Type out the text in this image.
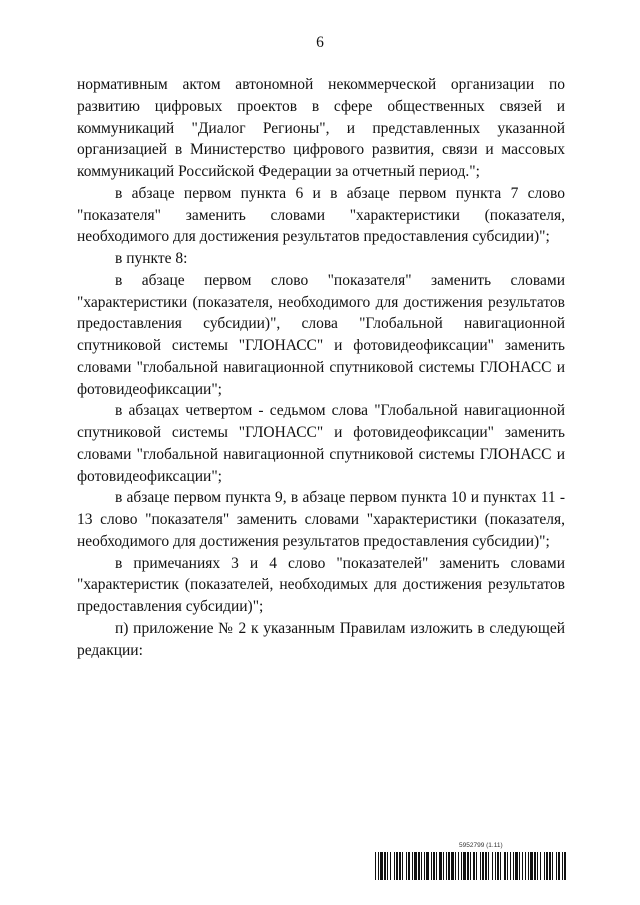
6

нормативным актом автономной некоммерческой организации по развитию цифровых проектов в сфере общественных связей и коммуникаций "Диалог Регионы", и представленных указанной организацией в Министерство цифрового развития, связи и массовых коммуникаций Российской Федерации за отчетный период.";

в абзаце первом пункта 6 и в абзаце первом пункта 7 слово "показателя" заменить словами "характеристики (показателя, необходимого для достижения результатов предоставления субсидии)";

в пункте 8:

в абзаце первом слово "показателя" заменить словами "характеристики (показателя, необходимого для достижения результатов предоставления субсидии)", слова "Глобальной навигационной спутниковой системы "ГЛОНАСС" и фотовидеофиксации" заменить словами "глобальной навигационной спутниковой системы ГЛОНАСС и фотовидеофиксации";

в абзацах четвертом - седьмом слова "Глобальной навигационной спутниковой системы "ГЛОНАСС" и фотовидеофиксации" заменить словами "глобальной навигационной спутниковой системы ГЛОНАСС и фотовидеофиксации";

в абзаце первом пункта 9, в абзаце первом пункта 10 и пунктах 11 - 13 слово "показателя" заменить словами "характеристики (показателя, необходимого для достижения результатов предоставления субсидии)";

в примечаниях 3 и 4 слово "показателей" заменить словами "характеристик (показателей, необходимых для достижения результатов предоставления субсидии)";

п) приложение № 2 к указанным Правилам изложить в следующей редакции:

5952799 (1.11)
